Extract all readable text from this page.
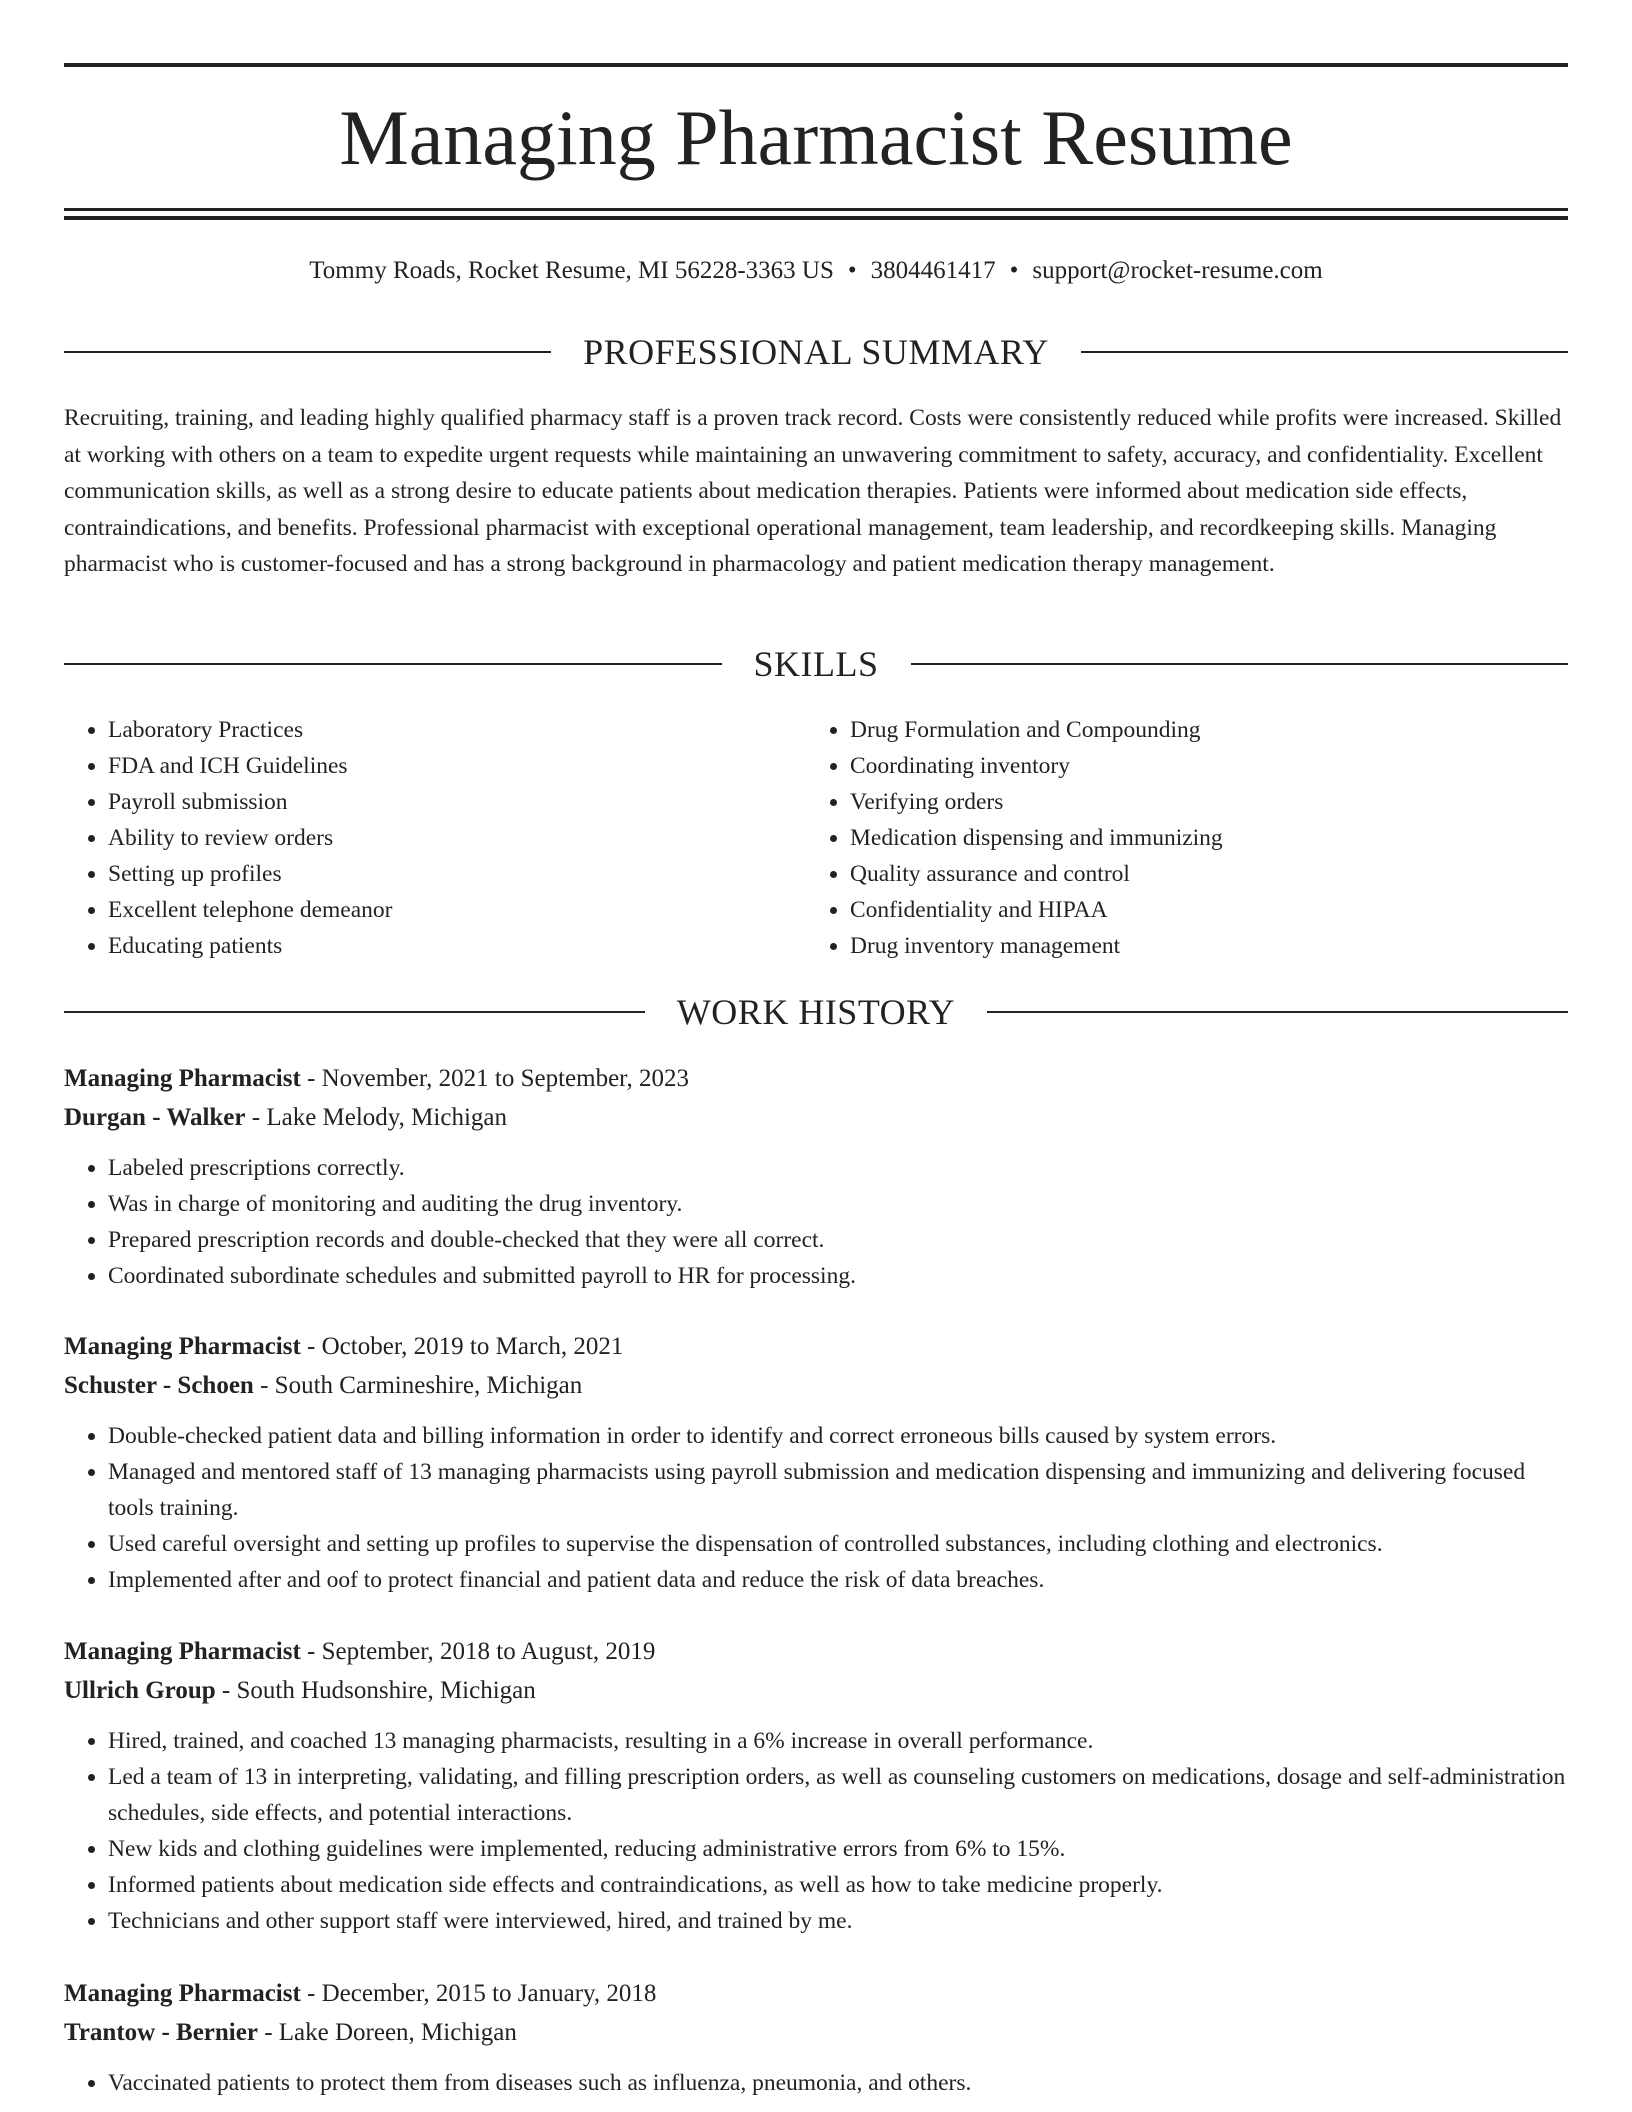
Managing Pharmacist Resume
Tommy Roads, Rocket Resume, MI 56228-3363 US • 3804461417 • support@rocket-resume.com
PROFESSIONAL SUMMARY

Recruiting, training, and leading highly qualified pharmacy staff is a proven track record. Costs were consistently reduced while profits were increased. Skilled at working with others on a team to expedite urgent requests while maintaining an unwavering commitment to safety, accuracy, and confidentiality. Excellent communication skills, as well as a strong desire to educate patients about medication therapies. Patients were informed about medication side effects, contraindications, and benefits. Professional pharmacist with exceptional operational management, team leadership, and recordkeeping skills. Managing pharmacist who is customer-focused and has a strong background in pharmacology and patient medication therapy management.

SKILLS
• Laboratory Practices
• FDA and ICH Guidelines
• Payroll submission
• Ability to review orders
• Setting up profiles
• Excellent telephone demeanor
• Educating patients
• Drug Formulation and Compounding
• Coordinating inventory
• Verifying orders
• Medication dispensing and immunizing
• Quality assurance and control
• Confidentiality and HIPAA
• Drug inventory management
WORK HISTORY
Managing Pharmacist - November, 2021 to September, 2023
Durgan - Walker - Lake Melody, Michigan
• Labeled prescriptions correctly.
• Was in charge of monitoring and auditing the drug inventory.
• Prepared prescription records and double-checked that they were all correct.
• Coordinated subordinate schedules and submitted payroll to HR for processing.
Managing Pharmacist - October, 2019 to March, 2021
Schuster - Schoen - South Carmineshire, Michigan
• Double-checked patient data and billing information in order to identify and correct erroneous bills caused by system errors.
• Managed and mentored staff of 13 managing pharmacists using payroll submission and medication dispensing and immunizing and delivering focused tools training.
• Used careful oversight and setting up profiles to supervise the dispensation of controlled substances, including clothing and electronics.
• Implemented after and oof to protect financial and patient data and reduce the risk of data breaches.
Managing Pharmacist - September, 2018 to August, 2019
Ullrich Group - South Hudsonshire, Michigan
• Hired, trained, and coached 13 managing pharmacists, resulting in a 6% increase in overall performance.
• Led a team of 13 in interpreting, validating, and filling prescription orders, as well as counseling customers on medications, dosage and self-administration schedules, side effects, and potential interactions.
• New kids and clothing guidelines were implemented, reducing administrative errors from 6% to 15%.
• Informed patients about medication side effects and contraindications, as well as how to take medicine properly.
• Technicians and other support staff were interviewed, hired, and trained by me.
Managing Pharmacist - December, 2015 to January, 2018
Trantow - Bernier - Lake Doreen, Michigan
• Vaccinated patients to protect them from diseases such as influenza, pneumonia, and others.
